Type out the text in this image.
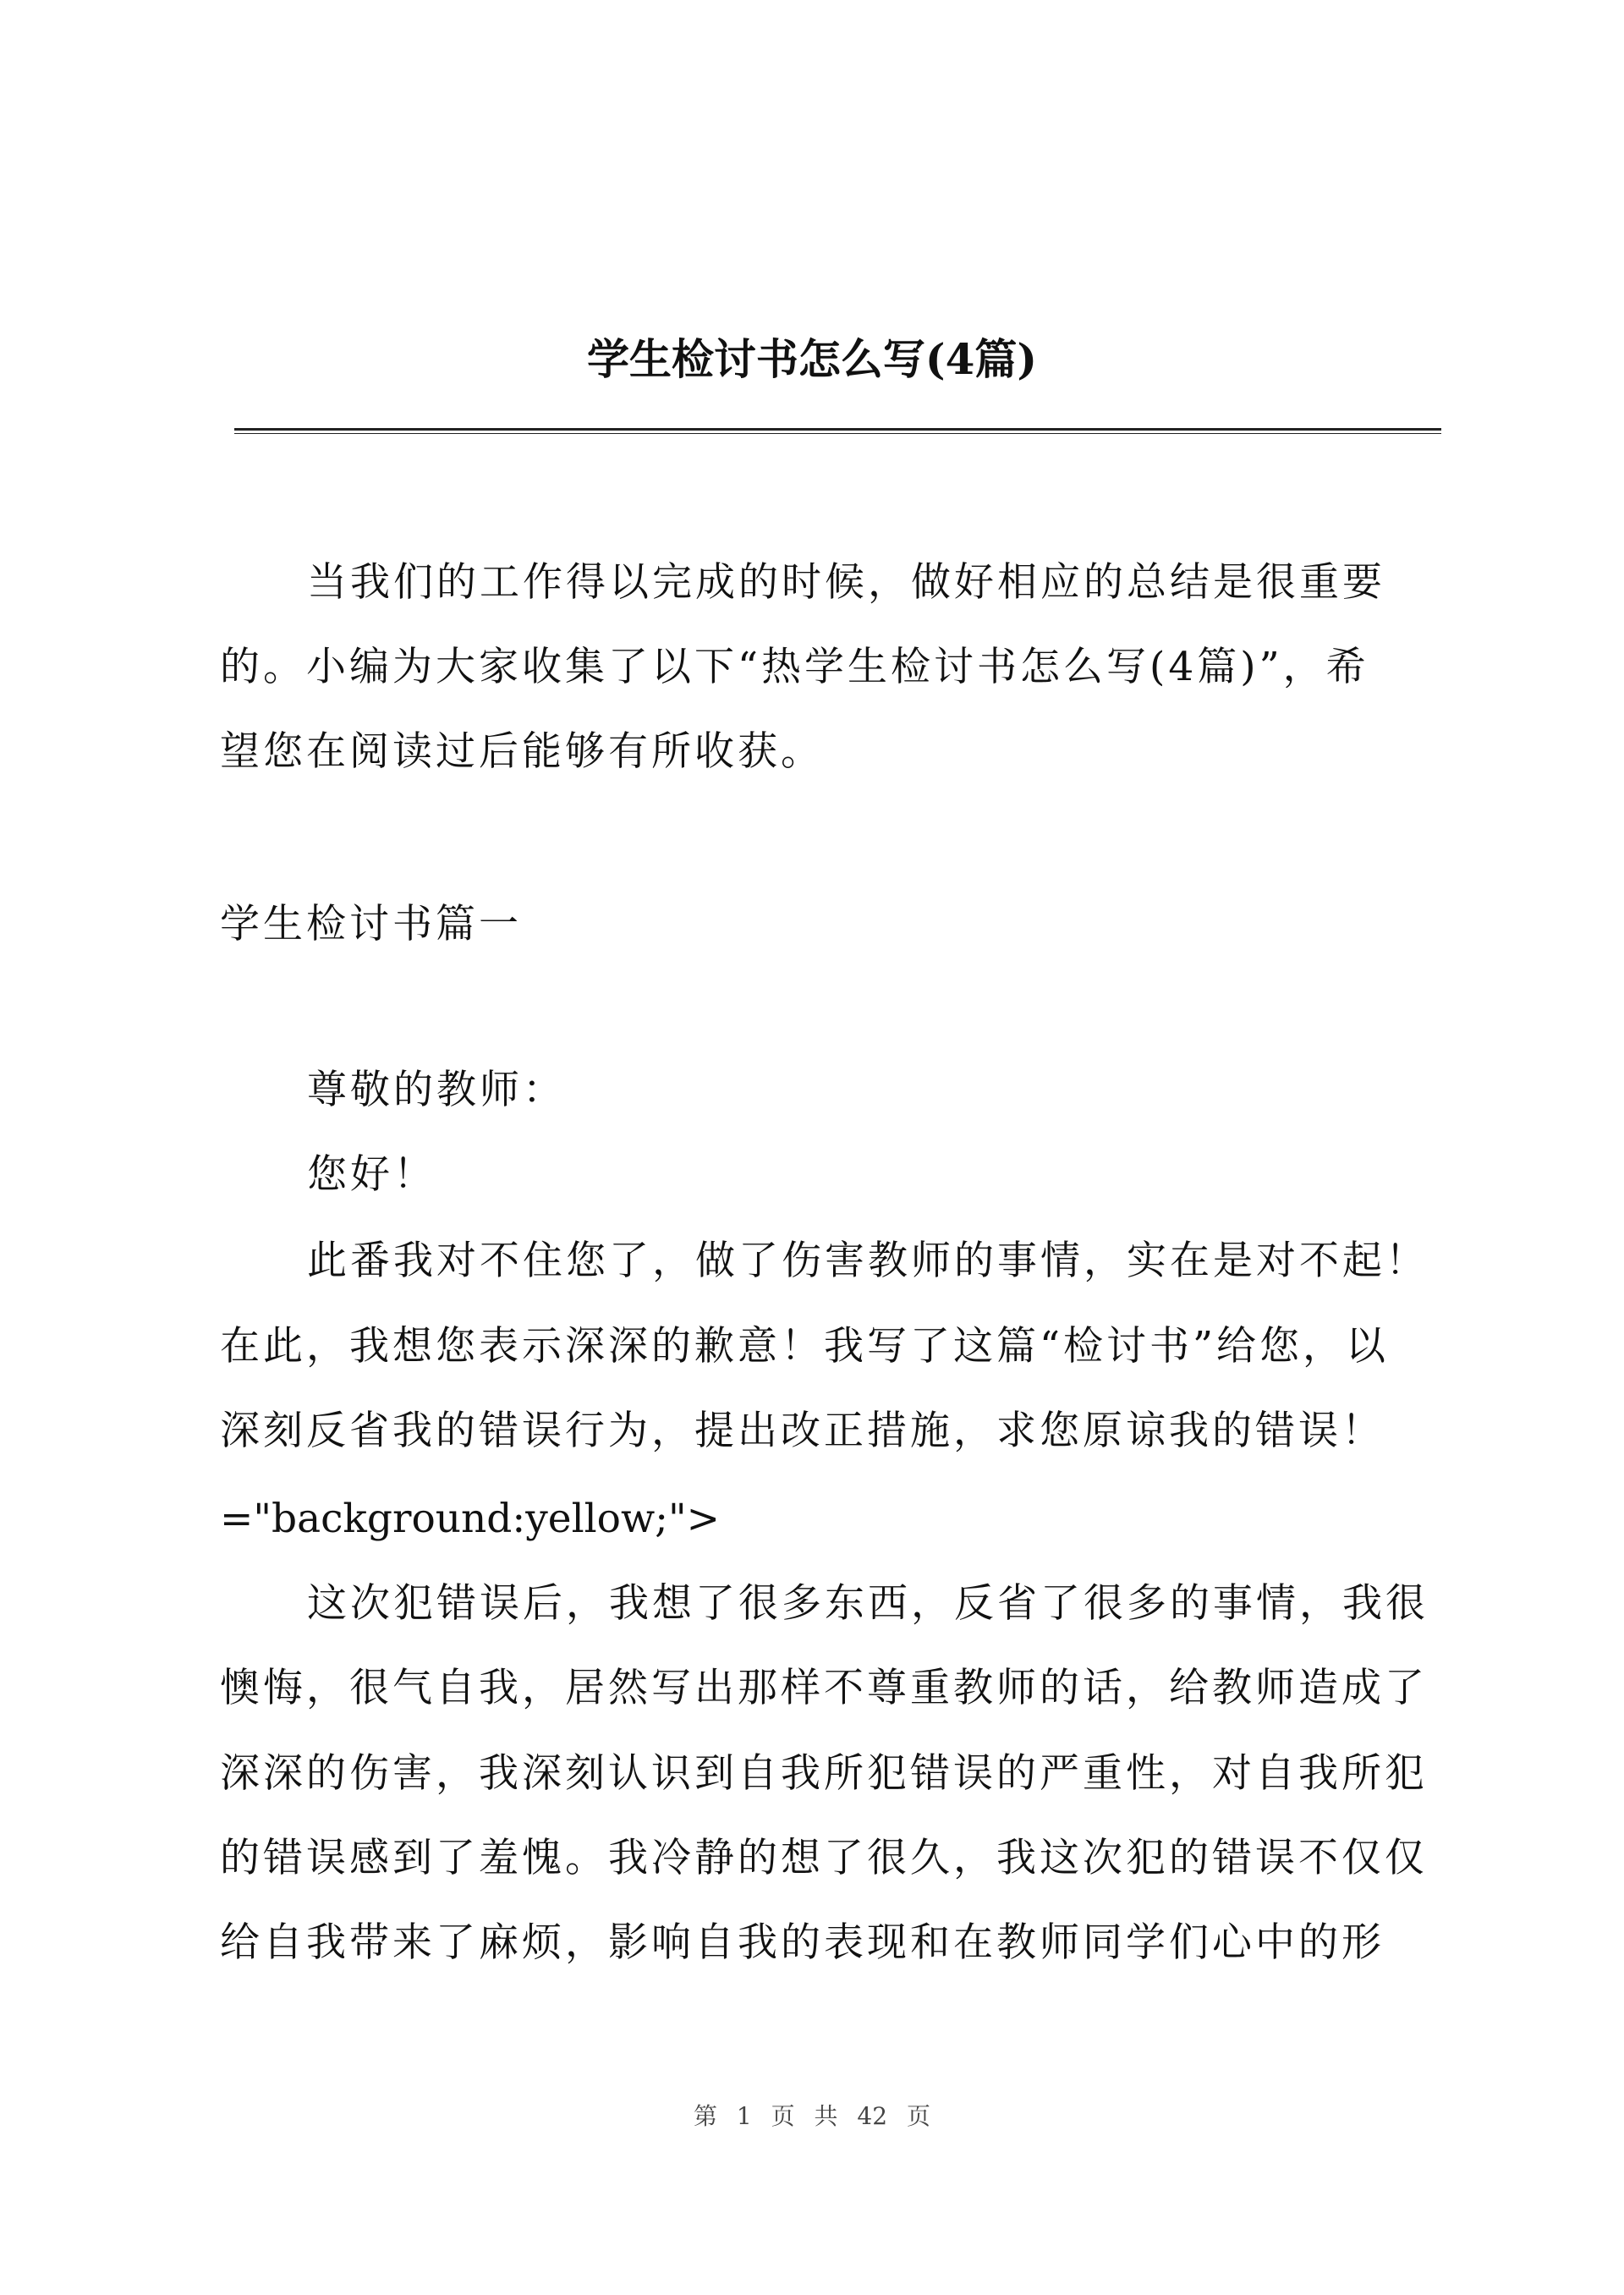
学生检讨书怎么写(4篇)
当我们的工作得以完成的时候，做好相应的总结是很重要
的。小编为大家收集了以下“热学生检讨书怎么写(4篇)”，希
望您在阅读过后能够有所收获。
学生检讨书篇一
尊敬的教师：
您好！
此番我对不住您了，做了伤害教师的事情，实在是对不起！
在此，我想您表示深深的歉意！我写了这篇“检讨书”给您，以
深刻反省我的错误行为，提出改正措施，求您原谅我的错误！
="background:yellow;">
这次犯错误后，我想了很多东西，反省了很多的事情，我很
懊悔，很气自我，居然写出那样不尊重教师的话，给教师造成了
深深的伤害，我深刻认识到自我所犯错误的严重性，对自我所犯
的错误感到了羞愧。我冷静的想了很久，我这次犯的错误不仅仅
给自我带来了麻烦，影响自我的表现和在教师同学们心中的形
第 1 页 共 42 页
